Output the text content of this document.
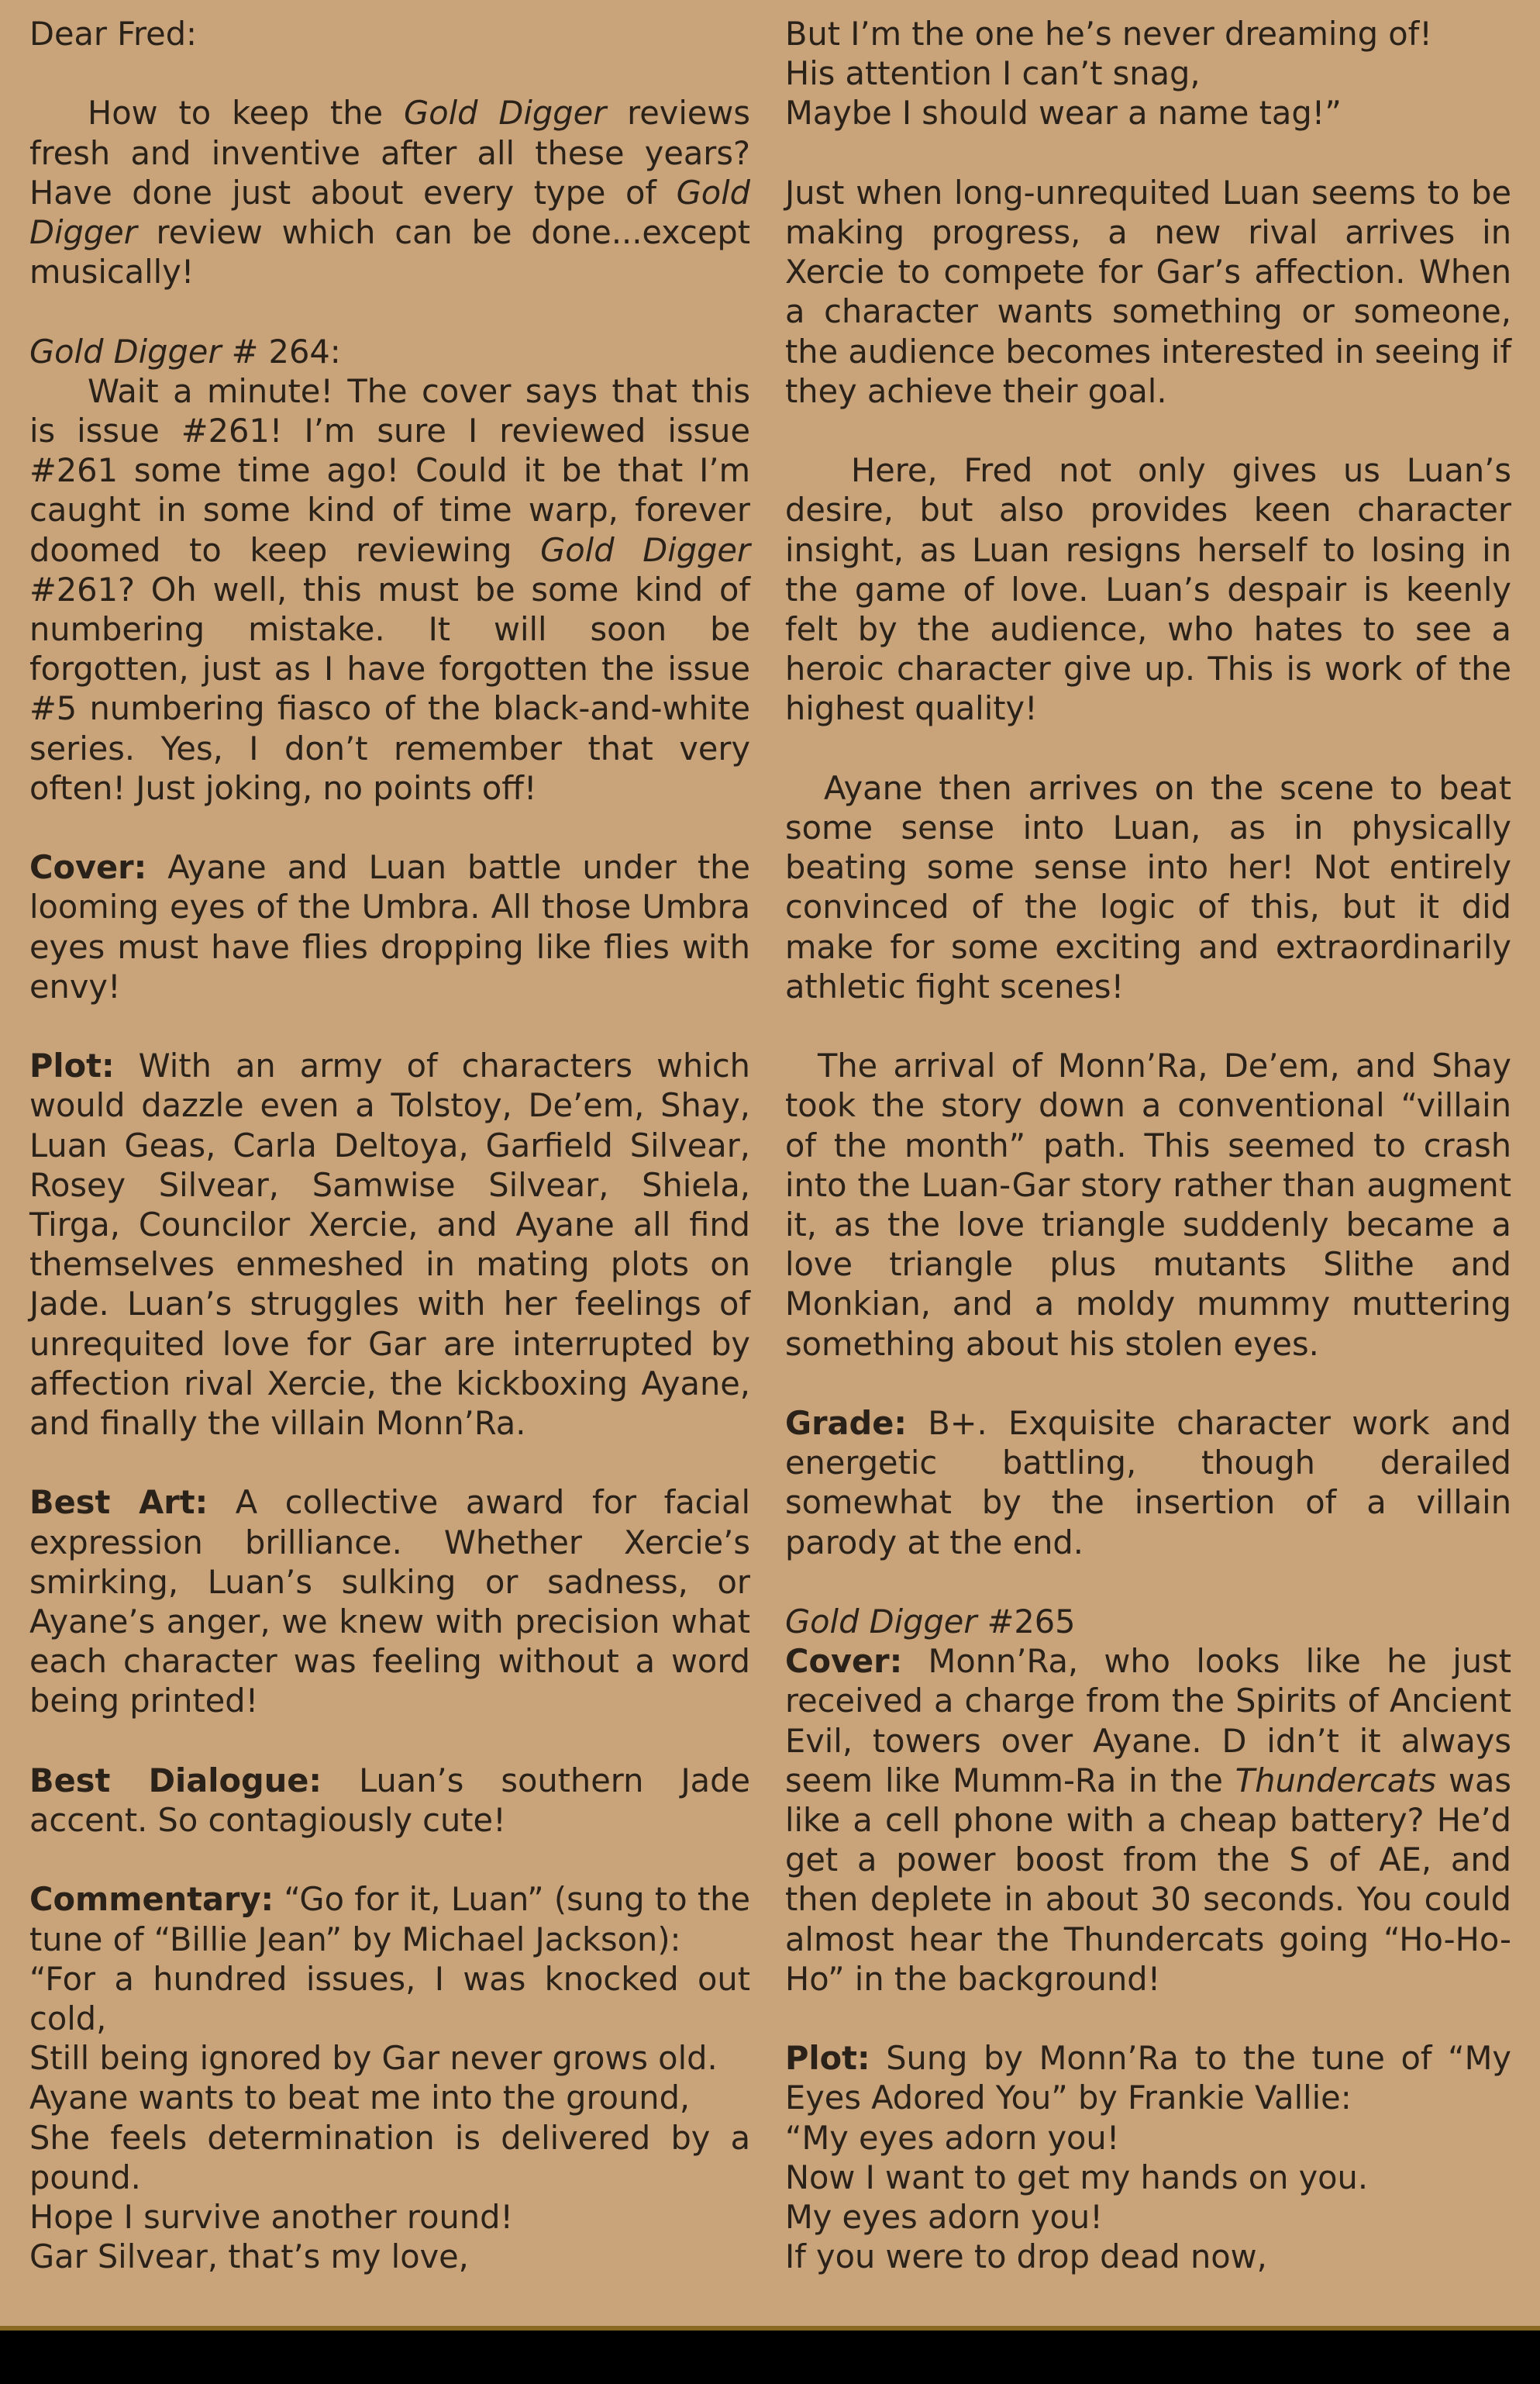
Dear Fred:

How to keep the Gold Digger reviews fresh and inventive after all these years? Have done just about every type of Gold Digger review which can be done...except musically!

Gold Digger # 264:

Wait a minute! The cover says that this is issue #261! I’m sure I reviewed issue #261 some time ago! Could it be that I’m caught in some kind of time warp, forever doomed to keep reviewing Gold Digger #261? Oh well, this must be some kind of numbering mistake. It will soon be forgotten, just as I have forgotten the issue #5 numbering fiasco of the black-and-white series. Yes, I don’t remember that very often! Just joking, no points off!

Cover: Ayane and Luan battle under the looming eyes of the Umbra. All those Umbra eyes must have flies dropping like flies with envy!

Plot: With an army of characters which would dazzle even a Tolstoy, De’em, Shay, Luan Geas, Carla Deltoya, Garfield Silvear, Rosey Silvear, Samwise Silvear, Shiela, Tirga, Councilor Xercie, and Ayane all find themselves enmeshed in mating plots on Jade. Luan’s struggles with her feelings of unrequited love for Gar are interrupted by affection rival Xercie, the kickboxing Ayane, and finally the villain Monn’Ra.

Best Art: A collective award for facial expression brilliance. Whether Xercie’s smirking, Luan’s sulking or sadness, or Ayane’s anger, we knew with precision what each character was feeling without a word being printed!

Best Dialogue: Luan’s southern Jade accent. So contagiously cute!

Commentary: “Go for it, Luan” (sung to the tune of “Billie Jean” by Michael Jackson):

“For a hundred issues, I was knocked out cold,

Still being ignored by Gar never grows old.

Ayane wants to beat me into the ground,

She feels determination is delivered by a pound.

Hope I survive another round!

Gar Silvear, that’s my love,

But I’m the one he’s never dreaming of!

His attention I can’t snag,

Maybe I should wear a name tag!”

Just when long-unrequited Luan seems to be making progress, a new rival arrives in Xercie to compete for Gar’s affection. When a character wants something or someone, the audience becomes interested in seeing if they achieve their goal.

Here, Fred not only gives us Luan’s desire, but also provides keen character insight, as Luan resigns herself to losing in the game of love. Luan’s despair is keenly felt by the audience, who hates to see a heroic character give up. This is work of the highest quality!

Ayane then arrives on the scene to beat some sense into Luan, as in physically beating some sense into her! Not entirely convinced of the logic of this, but it did make for some exciting and extraordinarily athletic fight scenes!

The arrival of Monn’Ra, De’em, and Shay took the story down a conventional “villain of the month” path. This seemed to crash into the Luan-Gar story rather than augment it, as the love triangle suddenly became a love triangle plus mutants Slithe and Monkian, and a moldy mummy muttering something about his stolen eyes.

Grade: B+. Exquisite character work and energetic battling, though derailed somewhat by the insertion of a villain parody at the end.

Gold Digger #265

Cover: Monn’Ra, who looks like he just received a charge from the Spirits of Ancient Evil, towers over Ayane. D idn’t it always seem like Mumm-Ra in the Thundercats was like a cell phone with a cheap battery? He’d get a power boost from the S of AE, and then deplete in about 30 seconds. You could almost hear the Thundercats going “Ho-Ho-Ho” in the background!

Plot: Sung by Monn’Ra to the tune of “My Eyes Adored You” by Frankie Vallie:

“My eyes adorn you!

Now I want to get my hands on you.

My eyes adorn you!

If you were to drop dead now,
